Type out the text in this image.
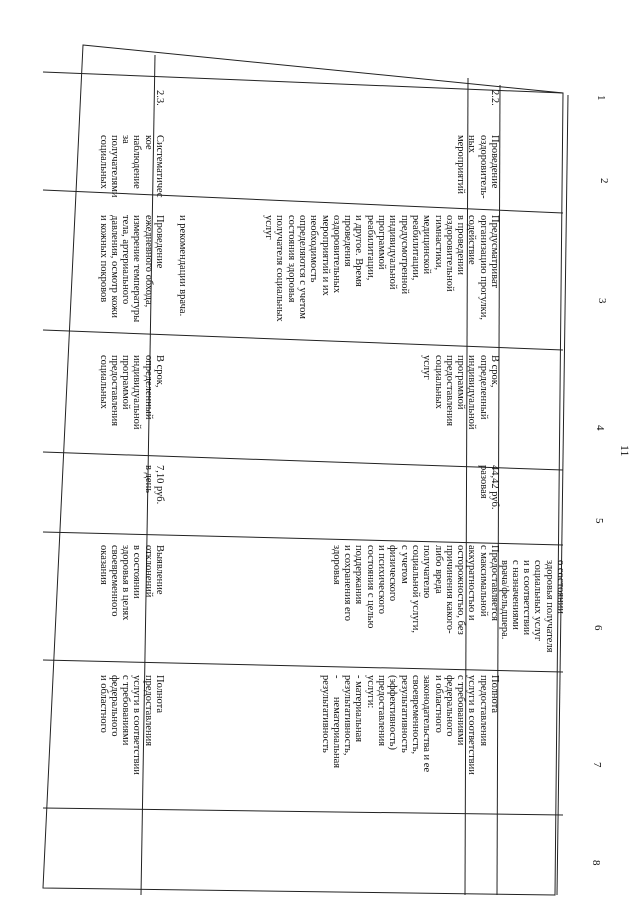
1
2
3
4
5
6
7
8
11
о состоянии
здоровья получателя
социальных услуг
и в соответствии
с назначениями
врача/фельдшера.
и рекомендации врача.
2.2.
Проведение
оздоровитель-
ных
мероприятий
Предусматриват
организацию прогулки,
содействие
в проведении
оздоровительной
гимнастики,
медицинской
реабилитации,
предусмотренной
индивидуальной
программой
реабилитации,
и другое. Время
проведения
оздоровительных
мероприятий и их
необходимость
определяются с учетом
состояния здоровья
получателя социальных
услуг
В срок,
определенный
индивидуальной
программой
предоставления
социальных
услуг
44,42 руб.
разовая
Предоставляется
с максимальной
аккуратностью и
осторожностью, без
причинения какого-
либо вреда
получателю
социальной услуги,
с учетом
физического
и психического
состояния с целью
поддержания
и сохранения его
здоровья
Полнота
предоставления
услуги в соответствии
с требованиями
федерального
и областного
законодательства и ее
своевременность,
результативность
(эффективность)
предоставления
услуги:
- материальная
результативность,
-       нематериальная
результативность
2.3.
Систематичес
кое
наблюдение
за
получателями
социальных
Проведение
ежедневного обхода,
измерение температуры
тела, артериального
давления, осмотр кожи
и кожных покровов
В срок,
определенный
индивидуальной
программой
предоставления
социальных
7,10 руб.
в день
Выявление
отклонений
в состоянии
здоровья в целях
своевременного
оказания
Полнота
предоставления
услуги в соответствии
с требованиями
федерального
и областного
